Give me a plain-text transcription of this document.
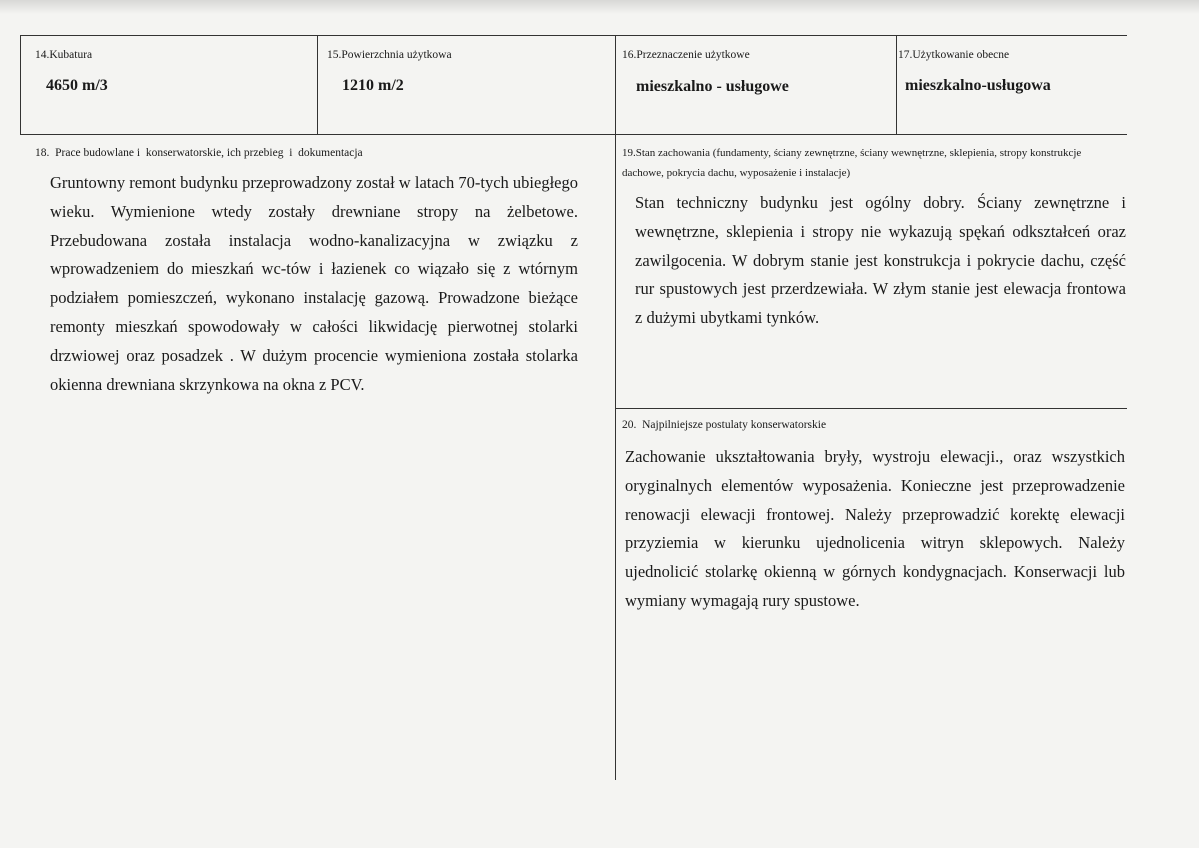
14.Kubatura
4650 m/3
15.Powierzchnia użytkowa
1210 m/2
16.Przeznaczenie użytkowe
mieszkalno - usługowe
17.Użytkowanie obecne
mieszkalno-usługowa
18.  Prace budowlane i  konserwatorskie, ich przebieg  i  dokumentacja
Gruntowny remont budynku przeprowadzony został w latach 70-tych ubiegłego wieku. Wymienione wtedy zostały drewniane stropy na żelbetowe. Przebudowana została instalacja wodno-kanalizacyjna w związku z wprowadzeniem do mieszkań wc-tów i łazienek co wiązało się z wtórnym podziałem pomieszczeń, wykonano instalację gazową. Prowadzone bieżące remonty mieszkań spowodowały w całości likwidację pierwotnej stolarki drzwiowej oraz posadzek . W dużym procencie wymieniona została stolarka okienna drewniana skrzynkowa na okna z PCV.
19.Stan zachowania (fundamenty, ściany zewnętrzne, ściany wewnętrzne, sklepienia, stropy konstrukcje dachowe, pokrycia dachu, wyposażenie i instalacje)
Stan techniczny budynku jest ogólny dobry. Ściany zewnętrzne i wewnętrzne, sklepienia i stropy nie wykazują spękań odkształceń oraz zawilgocenia. W dobrym stanie jest konstrukcja i pokrycie dachu, część rur spustowych jest przerdzewiała. W złym stanie jest elewacja frontowa z dużymi ubytkami tynków.
20.  Najpilniejsze postulaty konserwatorskie
Zachowanie ukształtowania bryły, wystroju elewacji., oraz wszystkich oryginalnych elementów wyposażenia. Konieczne jest przeprowadzenie renowacji elewacji frontowej. Należy przeprowadzić korektę elewacji przyziemia w kierunku ujednolicenia witryn sklepowych. Należy ujednolicić stolarkę okienną w górnych kondygnacjach. Konserwacji lub wymiany wymagają rury spustowe.
